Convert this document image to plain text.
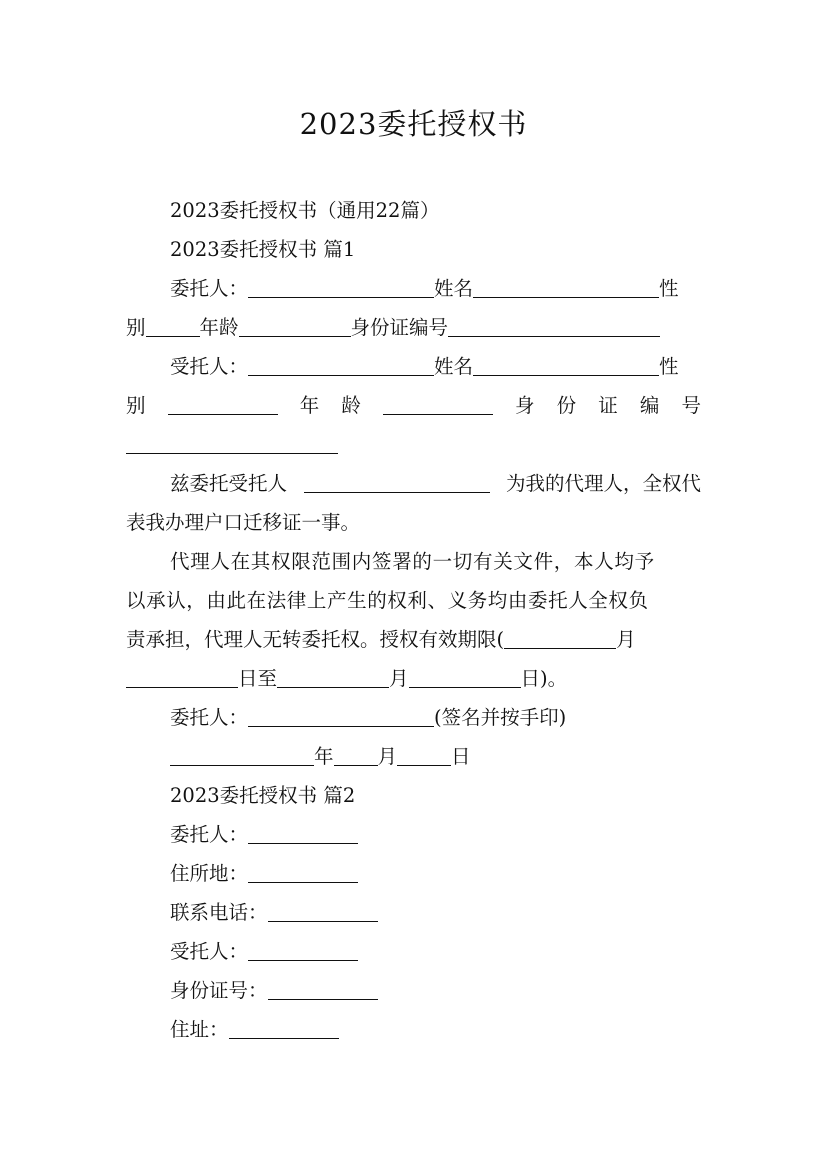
2023委托授权书
2023委托授权书（通用22篇）
2023委托授权书 篇1
委托人：	姓名	性
别	年龄	身份证编号
受托人：	姓名	性
别	年 龄	身 份 证 编 号
兹委托受托人	为我的代理人，全权代
表我办理户口迁移证一事。
代理人在其权限范围内签署的一切有关文件，本人均予
以承认，由此在法律上产生的权利、义务均由委托人全权负
责承担，代理人无转委托权。授权有效期限(	月
日至	月	日)。
委托人：	(签名并按手印)
年 月	日
2023委托授权书 篇2
委托人：
住所地：
联系电话：
受托人：
身份证号：
住址：
